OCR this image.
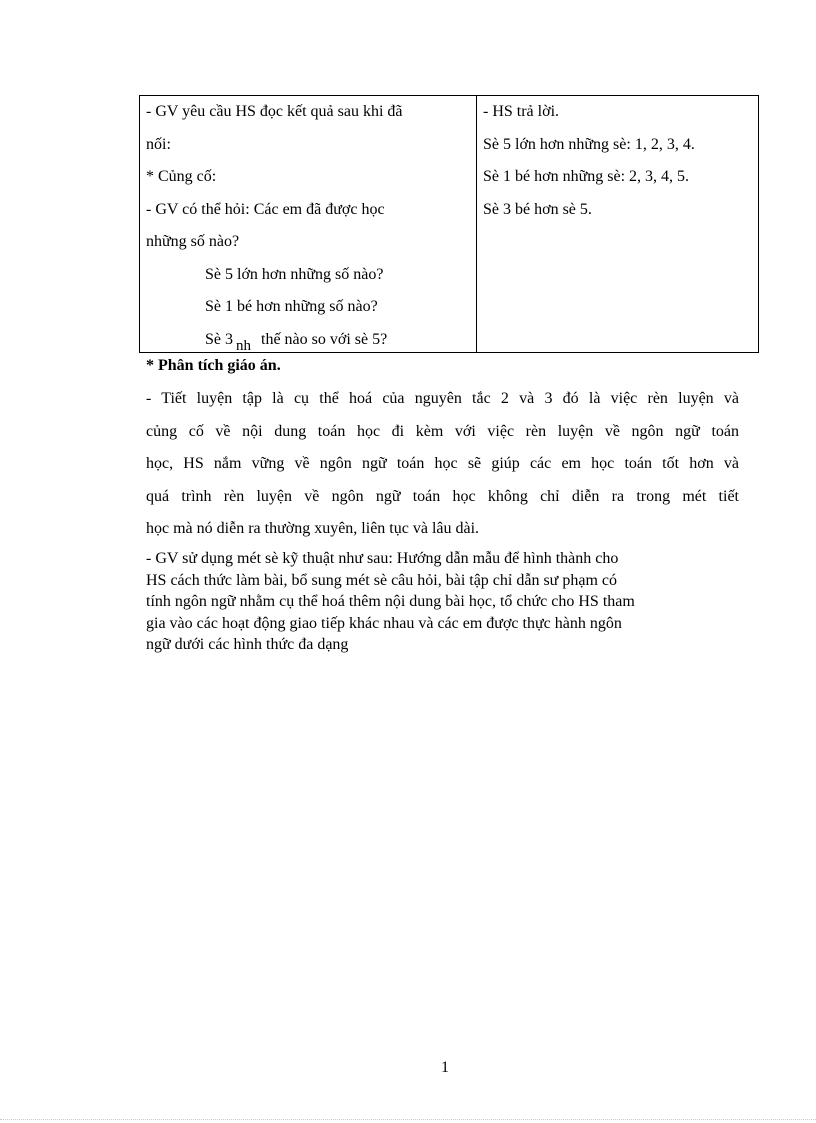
- GV yêu cầu HS đọc kết quả sau khi đã
nối:
* Củng cố:
- GV có thể hỏi: Các em đã được học
những số nào?
Sè 5 lớn hơn những số nào?
Sè 1 bé hơn những số nào?
Sè 3 nh thế nào so với sè 5?
- HS trả lời.
Sè 5 lớn hơn những sè: 1, 2, 3, 4.
Sè 1 bé hơn những sè: 2, 3, 4, 5.
Sè 3 bé hơn sè 5.
* Phân tích giáo án.

- Tiết luyện tập là cụ thể hoá của nguyên tắc 2 và 3 đó là việc rèn luyện và
củng cố về nội dung toán học đi kèm với việc rèn luyện về ngôn ngữ toán
học, HS nắm vững về ngôn ngữ toán học sẽ giúp các em học toán tốt hơn và
quá trình rèn luyện về ngôn ngữ toán học không chỉ diễn ra trong mét tiết
học mà nó diễn ra thường xuyên, liên tục và lâu dài.

- GV sử dụng mét sè kỹ thuật như sau: Hướng dẫn mẫu để hình thành cho
HS cách thức làm bài, bổ sung mét sè câu hỏi, bài tập chỉ dẫn sư phạm có
tính ngôn ngữ nhằm cụ thể hoá thêm nội dung bài học, tổ chức cho HS tham
gia vào các hoạt động giao tiếp khác nhau và các em được thực hành ngôn
ngữ dưới các hình thức đa dạng

1
